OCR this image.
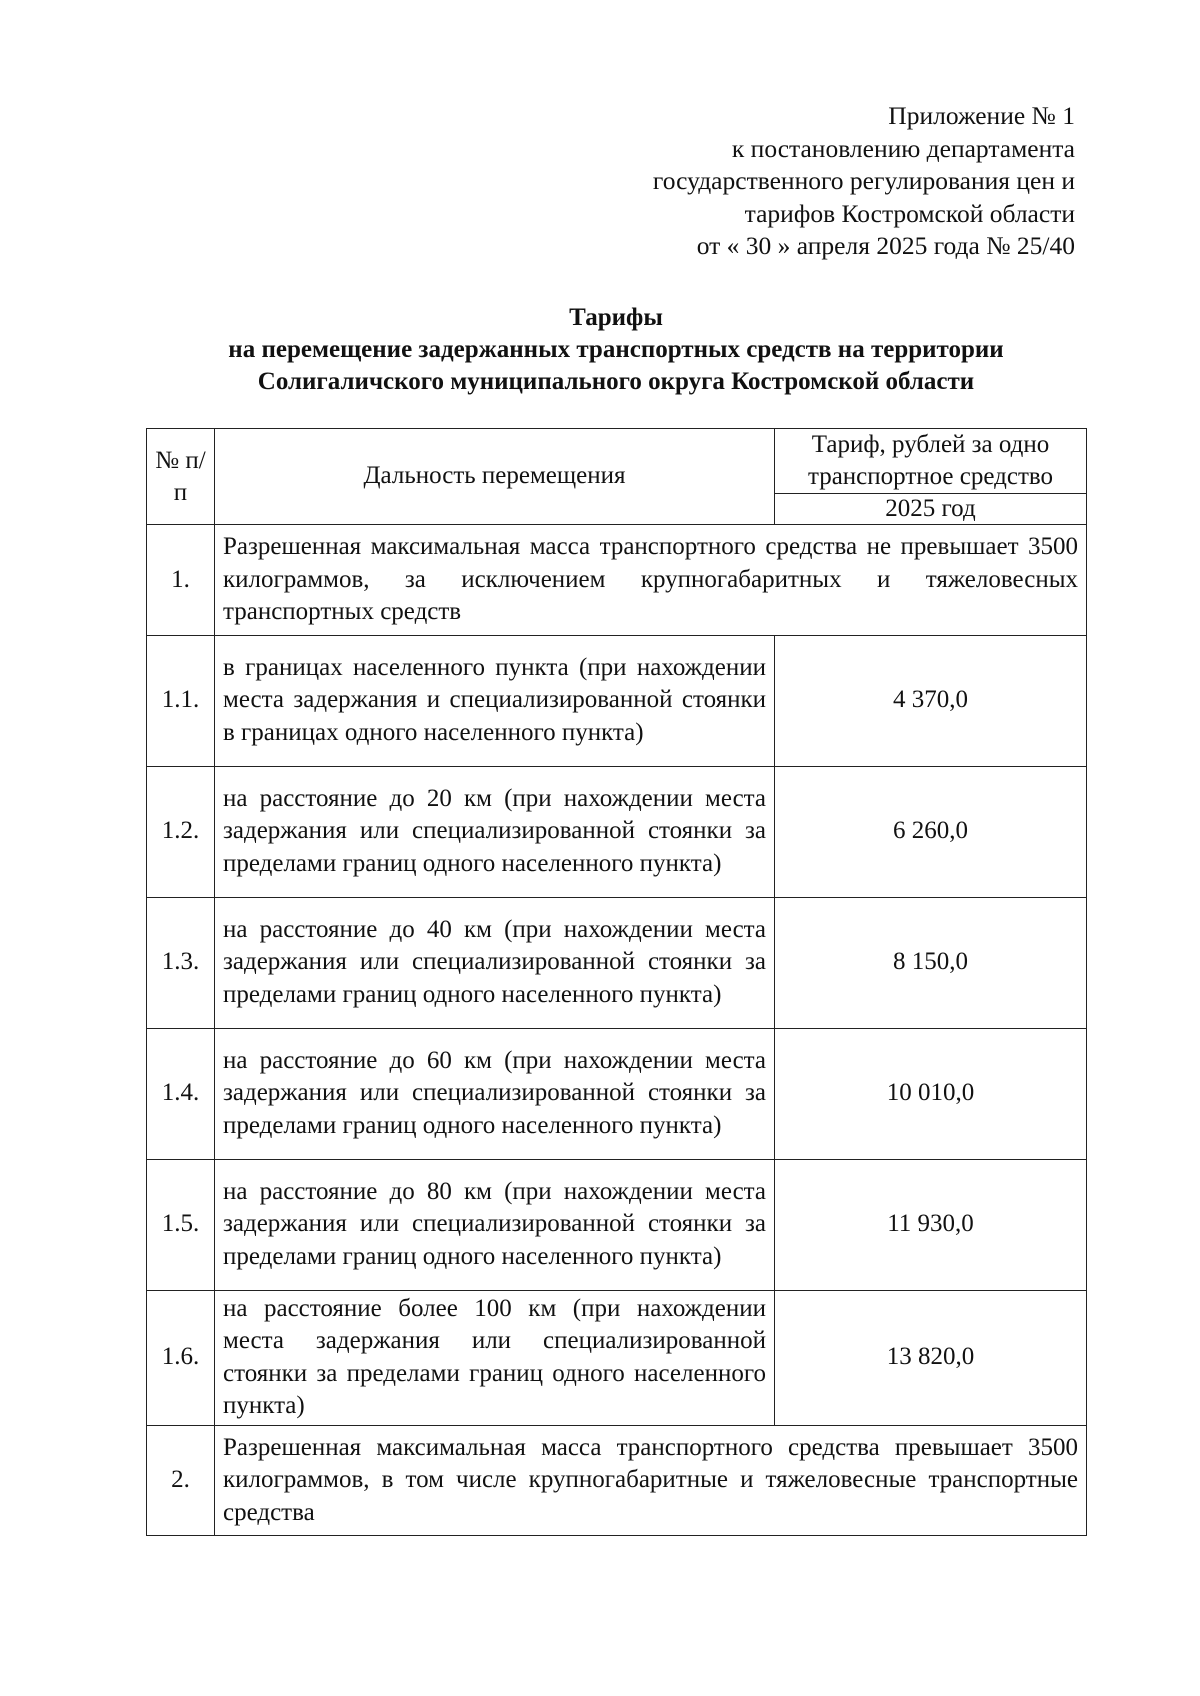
Приложение № 1
к постановлению департамента
государственного регулирования цен и
тарифов Костромской области
от « 30 » апреля 2025 года № 25/40
Тарифы
на перемещение задержанных транспортных средств на территории
Солигаличского муниципального округа Костромской области
№ п/п	Дальность перемещения	Тариф, рублей за одно транспортное средство
		2025 год
1.	Разрешенная максимальная масса транспортного средства не превышает 3500 килограммов, за исключением крупногабаритных и тяжеловесных транспортных средств	
1.1.	в границах населенного пункта (при нахождении места задержания и специализированной стоянки в границах одного населенного пункта)	4 370,0
1.2.	на расстояние до 20 км (при нахождении места задержания или специализированной стоянки за пределами границ одного населенного пункта)	6 260,0
1.3.	на расстояние до 40 км (при нахождении места задержания или специализированной стоянки за пределами границ одного населенного пункта)	8 150,0
1.4.	на расстояние до 60 км (при нахождении места задержания или специализированной стоянки за пределами границ одного населенного пункта)	10 010,0
1.5.	на расстояние до 80 км (при нахождении места задержания или специализированной стоянки за пределами границ одного населенного пункта)	11 930,0
1.6.	на расстояние более 100 км (при нахождении места задержания или специализированной стоянки за пределами границ одного населенного пункта)	13 820,0
2.	Разрешенная максимальная масса транспортного средства превышает 3500 килограммов, в том числе крупногабаритные и тяжеловесные транспортные средства	
